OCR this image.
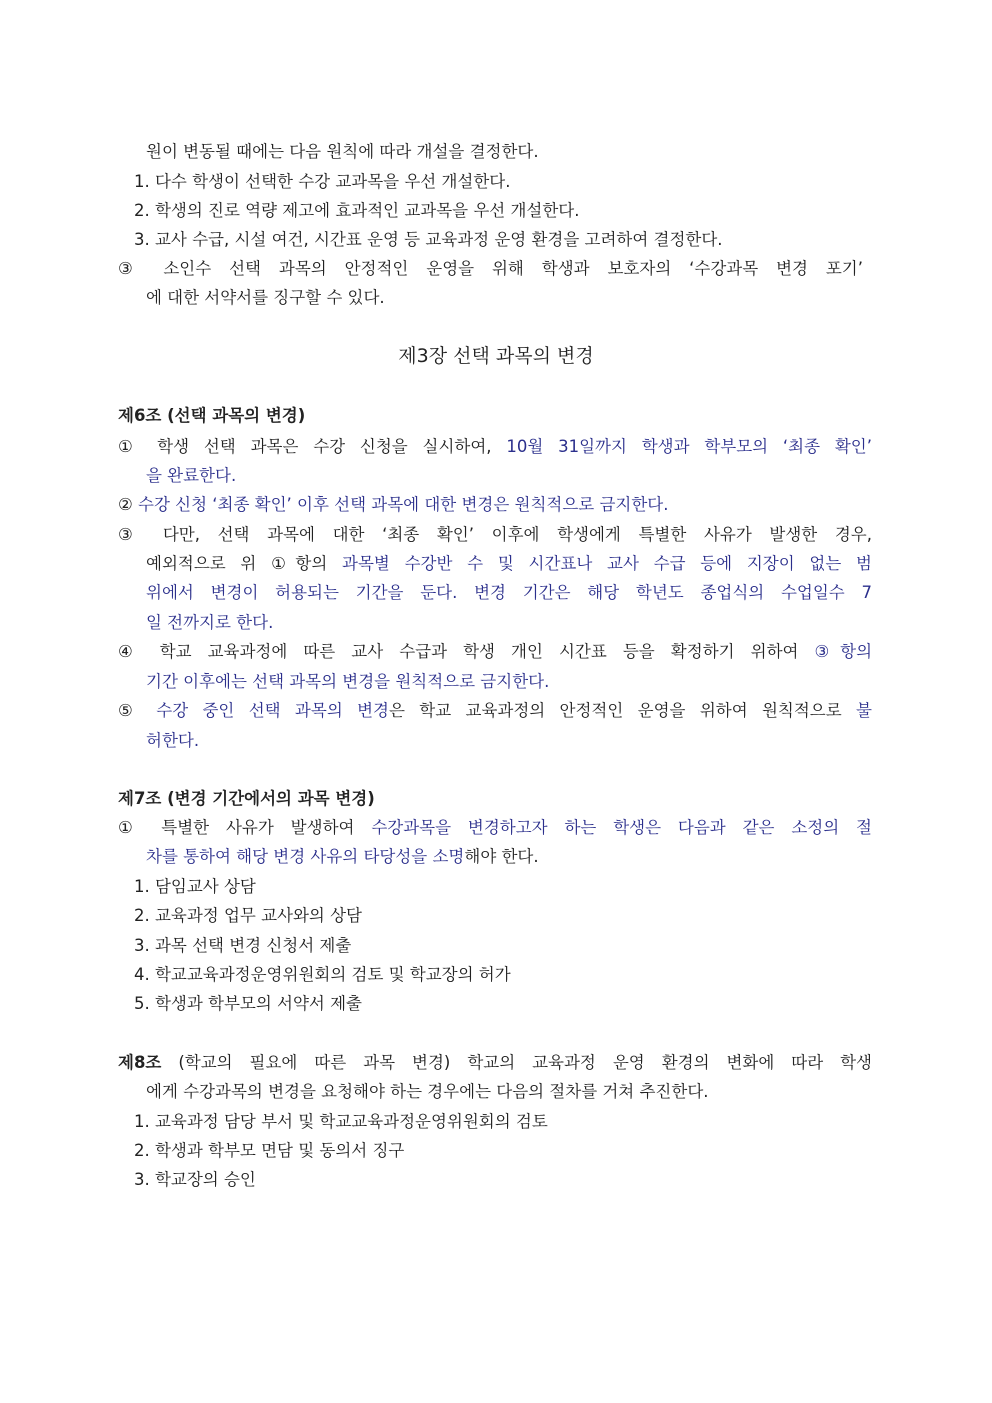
원이 변동될 때에는 다음 원칙에 따라 개설을 결정한다.
1. 다수 학생이 선택한 수강 교과목을 우선 개설한다.
2. 학생의 진로 역량 제고에 효과적인 교과목을 우선 개설한다.
3. 교사 수급, 시설 여건, 시간표 운영 등 교육과정 운영 환경을 고려하여 결정한다.
③ 소인수 선택 과목의 안정적인 운영을 위해 학생과 보호자의 ‘수강과목 변경 포기’
에 대한 서약서를 징구할 수 있다.
제3장 선택 과목의 변경
제6조 (선택 과목의 변경)
① 학생 선택 과목은 수강 신청을 실시하여, 10월 31일까지 학생과 학부모의 ‘최종 확인’
을 완료한다.
② 수강 신청 ‘최종 확인’ 이후 선택 과목에 대한 변경은 원칙적으로 금지한다.
③ 다만, 선택 과목에 대한 ‘최종 확인’ 이후에 학생에게 특별한 사유가 발생한 경우,
예외적으로 위 ①항의 과목별 수강반 수 및 시간표나 교사 수급 등에 지장이 없는 범
위에서 변경이 허용되는 기간을 둔다. 변경 기간은 해당 학년도 종업식의 수업일수 7
일 전까지로 한다.
④ 학교 교육과정에 따른 교사 수급과 학생 개인 시간표 등을 확정하기 위하여 ③항의
기간 이후에는 선택 과목의 변경을 원칙적으로 금지한다.
⑤ 수강 중인 선택 과목의 변경은 학교 교육과정의 안정적인 운영을 위하여 원칙적으로 불
허한다.
제7조 (변경 기간에서의 과목 변경)
① 특별한 사유가 발생하여 수강과목을 변경하고자 하는 학생은 다음과 같은 소정의 절
차를 통하여 해당 변경 사유의 타당성을 소명해야 한다.
1. 담임교사 상담
2. 교육과정 업무 교사와의 상담
3. 과목 선택 변경 신청서 제출
4. 학교교육과정운영위원회의 검토 및 학교장의 허가
5. 학생과 학부모의 서약서 제출
제8조 (학교의 필요에 따른 과목 변경) 학교의 교육과정 운영 환경의 변화에 따라 학생
에게 수강과목의 변경을 요청해야 하는 경우에는 다음의 절차를 거쳐 추진한다.
1. 교육과정 담당 부서 및 학교교육과정운영위원회의 검토
2. 학생과 학부모 면담 및 동의서 징구
3. 학교장의 승인
